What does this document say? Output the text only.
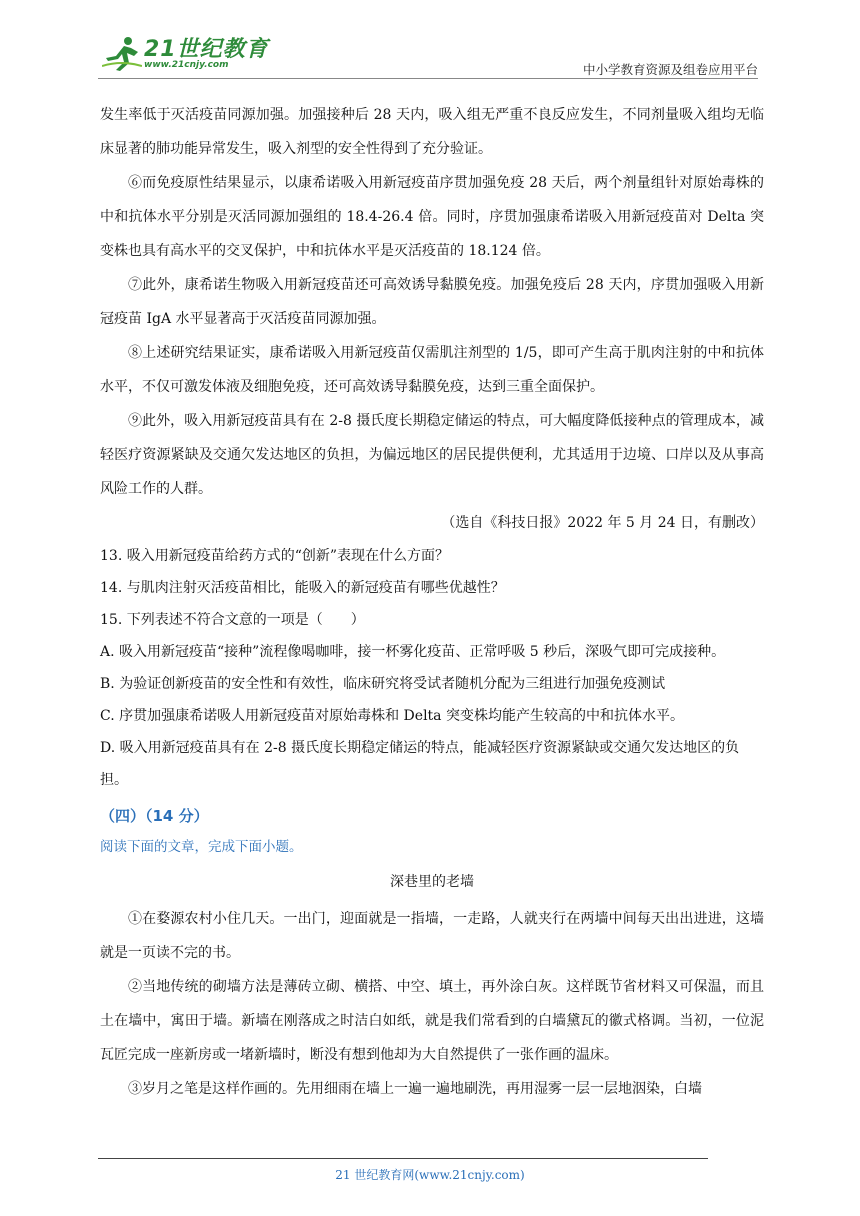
21世纪教育
www.21cnjy.com	中小学教育资源及组卷应用平台

发生率低于灭活疫苗同源加强。加强接种后 28 天内，吸入组无严重不良反应发生，不同剂量吸入组均无临床显著的肺功能异常发生，吸入剂型的安全性得到了充分验证。

⑥而免疫原性结果显示，以康希诺吸入用新冠疫苗序贯加强免疫 28 天后，两个剂量组针对原始毒株的中和抗体水平分别是灭活同源加强组的 18.4-26.4 倍。同时，序贯加强康希诺吸入用新冠疫苗对 Delta 突变株也具有高水平的交叉保护，中和抗体水平是灭活疫苗的 18.124 倍。

⑦此外，康希诺生物吸入用新冠疫苗还可高效诱导黏膜免疫。加强免疫后 28 天内，序贯加强吸入用新冠疫苗 IgA 水平显著高于灭活疫苗同源加强。

⑧上述研究结果证实，康希诺吸入用新冠疫苗仅需肌注剂型的 1/5，即可产生高于肌肉注射的中和抗体水平，不仅可激发体液及细胞免疫，还可高效诱导黏膜免疫，达到三重全面保护。

⑨此外，吸入用新冠疫苗具有在 2-8 摄氏度长期稳定储运的特点，可大幅度降低接种点的管理成本，减轻医疗资源紧缺及交通欠发达地区的负担，为偏远地区的居民提供便利，尤其适用于边境、口岸以及从事高风险工作的人群。

（选自《科技日报》2022 年 5 月 24 日，有删改）

13. 吸入用新冠疫苗给药方式的“创新”表现在什么方面？

14. 与肌肉注射灭活疫苗相比，能吸入的新冠疫苗有哪些优越性？

15. 下列表述不符合文意的一项是（　　）

A. 吸入用新冠疫苗“接种”流程像喝咖啡，接一杯雾化疫苗、正常呼吸 5 秒后，深吸气即可完成接种。

B. 为验证创新疫苗的安全性和有效性，临床研究将受试者随机分配为三组进行加强免疫测试

C. 序贯加强康希诺吸人用新冠疫苗对原始毒株和 Delta 突变株均能产生较高的中和抗体水平。

D. 吸入用新冠疫苗具有在 2-8 摄氏度长期稳定储运的特点，能减轻医疗资源紧缺或交通欠发达地区的负担。

（四）（14 分）

阅读下面的文章，完成下面小题。

深巷里的老墙

①在婺源农村小住几天。一出门，迎面就是一指墙，一走路，人就夹行在两墙中间每天出出进进，这墙就是一页读不完的书。

②当地传统的砌墙方法是薄砖立砌、横搭、中空、填土，再外涂白灰。这样既节省材料又可保温，而且土在墙中，寓田于墙。新墙在刚落成之时洁白如纸，就是我们常看到的白墙黛瓦的徽式格调。当初，一位泥瓦匠完成一座新房或一堵新墙时，断没有想到他却为大自然提供了一张作画的温床。

③岁月之笔是这样作画的。先用细雨在墙上一遍一遍地刷洗，再用湿雾一层一层地洇染，白墙

21 世纪教育网(www.21cnjy.com)
